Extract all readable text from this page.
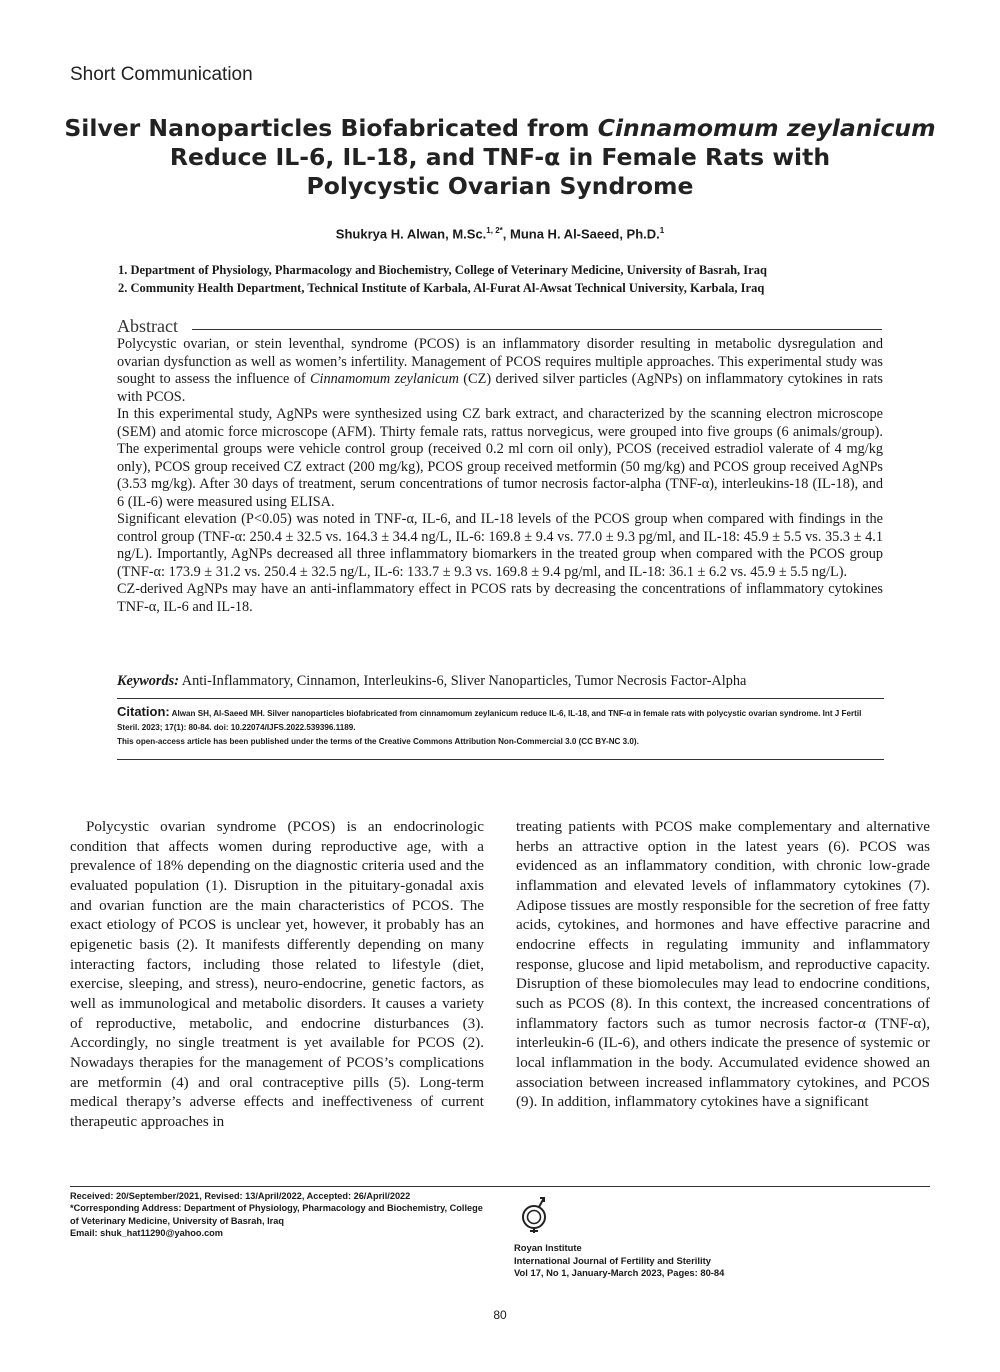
Short Communication
Silver Nanoparticles Biofabricated from Cinnamomum zeylanicum
Reduce IL-6, IL-18, and TNF-α in Female Rats with
Polycystic Ovarian Syndrome
Shukrya H. Alwan, M.Sc.$^{1, 2*}$, Muna H. Al-Saeed, Ph.D.$^1$
1. Department of Physiology, Pharmacology and Biochemistry, College of Veterinary Medicine, University of Basrah, Iraq
2. Community Health Department, Technical Institute of Karbala, Al-Furat Al-Awsat Technical University, Karbala, Iraq
Abstract

Polycystic ovarian, or stein leventhal, syndrome (PCOS) is an inflammatory disorder resulting in metabolic dysregulation and ovarian dysfunction as well as women’s infertility. Management of PCOS requires multiple approaches. This experimental study was sought to assess the influence of Cinnamomum zeylanicum (CZ) derived silver particles (AgNPs) on inflammatory cytokines in rats with PCOS.

In this experimental study, AgNPs were synthesized using CZ bark extract, and characterized by the scanning electron microscope (SEM) and atomic force microscope (AFM). Thirty female rats, rattus norvegicus, were grouped into five groups (6 animals/group). The experimental groups were vehicle control group (received 0.2 ml corn oil only), PCOS (received estradiol valerate of 4 mg/kg only), PCOS group received CZ extract (200 mg/kg), PCOS group received metformin (50 mg/kg) and PCOS group received AgNPs (3.53 mg/kg). After 30 days of treatment, serum concentrations of tumor necrosis factor-alpha (TNF-α), interleukins-18 (IL-18), and 6 (IL-6) were measured using ELISA.

Significant elevation (P<0.05) was noted in TNF-α, IL-6, and IL-18 levels of the PCOS group when compared with findings in the control group (TNF-α: 250.4 ± 32.5 vs. 164.3 ± 34.4 ng/L, IL-6: 169.8 ± 9.4 vs. 77.0 ± 9.3 pg/ml, and IL-18: 45.9 ± 5.5 vs. 35.3 ± 4.1 ng/L). Importantly, AgNPs decreased all three inflammatory biomarkers in the treated group when compared with the PCOS group (TNF-α: 173.9 ± 31.2 vs. 250.4 ± 32.5 ng/L, IL-6: 133.7 ± 9.3 vs. 169.8 ± 9.4 pg/ml, and IL-18: 36.1 ± 6.2 vs. 45.9 ± 5.5 ng/L).

CZ-derived AgNPs may have an anti-inflammatory effect in PCOS rats by decreasing the concentrations of inflammatory cytokines TNF-α, IL-6 and IL-18.

Keywords: Anti-Inflammatory, Cinnamon, Interleukins-6, Sliver Nanoparticles, Tumor Necrosis Factor-Alpha
Citation: Alwan SH, Al-Saeed MH. Silver nanoparticles biofabricated from cinnamomum zeylanicum reduce IL-6, IL-18, and TNF-α in female rats with polycystic ovarian syndrome. Int J Fertil Steril. 2023; 17(1): 80-84. doi: 10.22074/IJFS.2022.539396.1189.
This open-access article has been published under the terms of the Creative Commons Attribution Non-Commercial 3.0 (CC BY-NC 3.0).

Polycystic ovarian syndrome (PCOS) is an endocrinologic condition that affects women during reproductive age, with a prevalence of 18% depending on the diagnostic criteria used and the evaluated population (1). Disruption in the pituitary-gonadal axis and ovarian function are the main characteristics of PCOS. The exact etiology of PCOS is unclear yet, however, it probably has an epigenetic basis (2). It manifests differently depending on many interacting factors, including those related to lifestyle (diet, exercise, sleeping, and stress), neuro-endocrine, genetic factors, as well as immunological and metabolic disorders. It causes a variety of reproductive, metabolic, and endocrine disturbances (3). Accordingly, no single treatment is yet available for PCOS (2). Nowadays therapies for the management of PCOS’s complications are metformin (4) and oral contraceptive pills (5). Long-term medical therapy’s adverse effects and ineffectiveness of current therapeutic approaches in

treating patients with PCOS make complementary and alternative herbs an attractive option in the latest years (6). PCOS was evidenced as an inflammatory condition, with chronic low-grade inflammation and elevated levels of inflammatory cytokines (7). Adipose tissues are mostly responsible for the secretion of free fatty acids, cytokines, and hormones and have effective paracrine and endocrine effects in regulating immunity and inflammatory response, glucose and lipid metabolism, and reproductive capacity. Disruption of these biomolecules may lead to endocrine conditions, such as PCOS (8). In this context, the increased concentrations of inflammatory factors such as tumor necrosis factor-α (TNF-α), interleukin-6 (IL-6), and others indicate the presence of systemic or local inflammation in the body. Accumulated evidence showed an association between increased inflammatory cytokines, and PCOS (9). In addition, inflammatory cytokines have a significant

Received: 20/September/2021, Revised: 13/April/2022, Accepted: 26/April/2022
*Corresponding Address: Department of Physiology, Pharmacology and Biochemistry, College of Veterinary Medicine, University of Basrah, Iraq
Email: shuk_hat11290@yahoo.com
Royan Institute
International Journal of Fertility and Sterility
Vol 17, No 1, January-March 2023, Pages: 80-84
80
